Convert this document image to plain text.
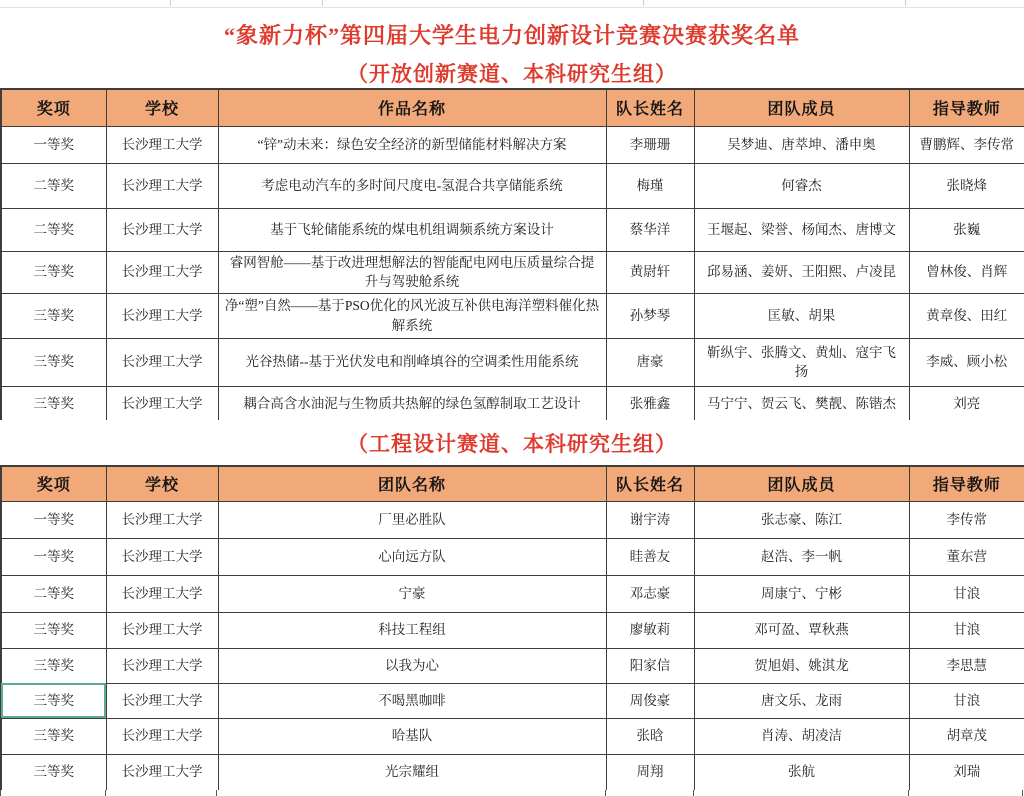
“象新力杯”第四届大学生电力创新设计竞赛决赛获奖名单
（开放创新赛道、本科研究生组）
奖项	学校	作品名称	队长姓名	团队成员	指导教师
一等奖	长沙理工大学	“锌”动未来：绿色安全经济的新型储能材料解决方案	李珊珊	吴梦迪、唐萃坤、潘申奥	曹鹏辉、李传常
二等奖	长沙理工大学	考虑电动汽车的多时间尺度电-氢混合共享储能系统	梅瑾	何睿杰	张晓烽
二等奖	长沙理工大学	基于飞轮储能系统的煤电机组调频系统方案设计	蔡华洋	王堰起、梁誉、杨闻杰、唐博文	张巍
三等奖	长沙理工大学	睿网智舱——基于改进理想解法的智能配电网电压质量综合提升与驾驶舱系统	黄尉轩	邱易涵、姜妍、王阳熙、卢凌昆	曾林俊、肖辉
三等奖	长沙理工大学	净“塑”自然——基于PSO优化的风光波互补供电海洋塑料催化热解系统	孙梦琴	匡敏、胡果	黄章俊、田红
三等奖	长沙理工大学	光谷热储--基于光伏发电和削峰填谷的空调柔性用能系统	唐豪	靳纵宇、张腾文、黄灿、寇宇飞扬	李威、顾小松
三等奖	长沙理工大学	耦合高含水油泥与生物质共热解的绿色氢醇制取工艺设计	张雅鑫	马宁宁、贺云飞、樊靓、陈锴杰	刘亮
（工程设计赛道、本科研究生组）
奖项	学校	团队名称	队长姓名	团队成员	指导教师
一等奖	长沙理工大学	厂里必胜队	谢宇涛	张志豪、陈江	李传常
一等奖	长沙理工大学	心向远方队	眭善友	赵浩、李一帆	董东营
二等奖	长沙理工大学	宁豪	邓志豪	周康宁、宁彬	甘浪
三等奖	长沙理工大学	科技工程组	廖敏莉	邓可盈、覃秋燕	甘浪
三等奖	长沙理工大学	以我为心	阳家信	贺旭娟、姚淇龙	李思慧
三等奖	长沙理工大学	不喝黑咖啡	周俊豪	唐文乐、龙雨	甘浪
三等奖	长沙理工大学	哈基队	张晗	肖涛、胡凌洁	胡章茂
三等奖	长沙理工大学	光宗耀组	周翔	张航	刘瑞
